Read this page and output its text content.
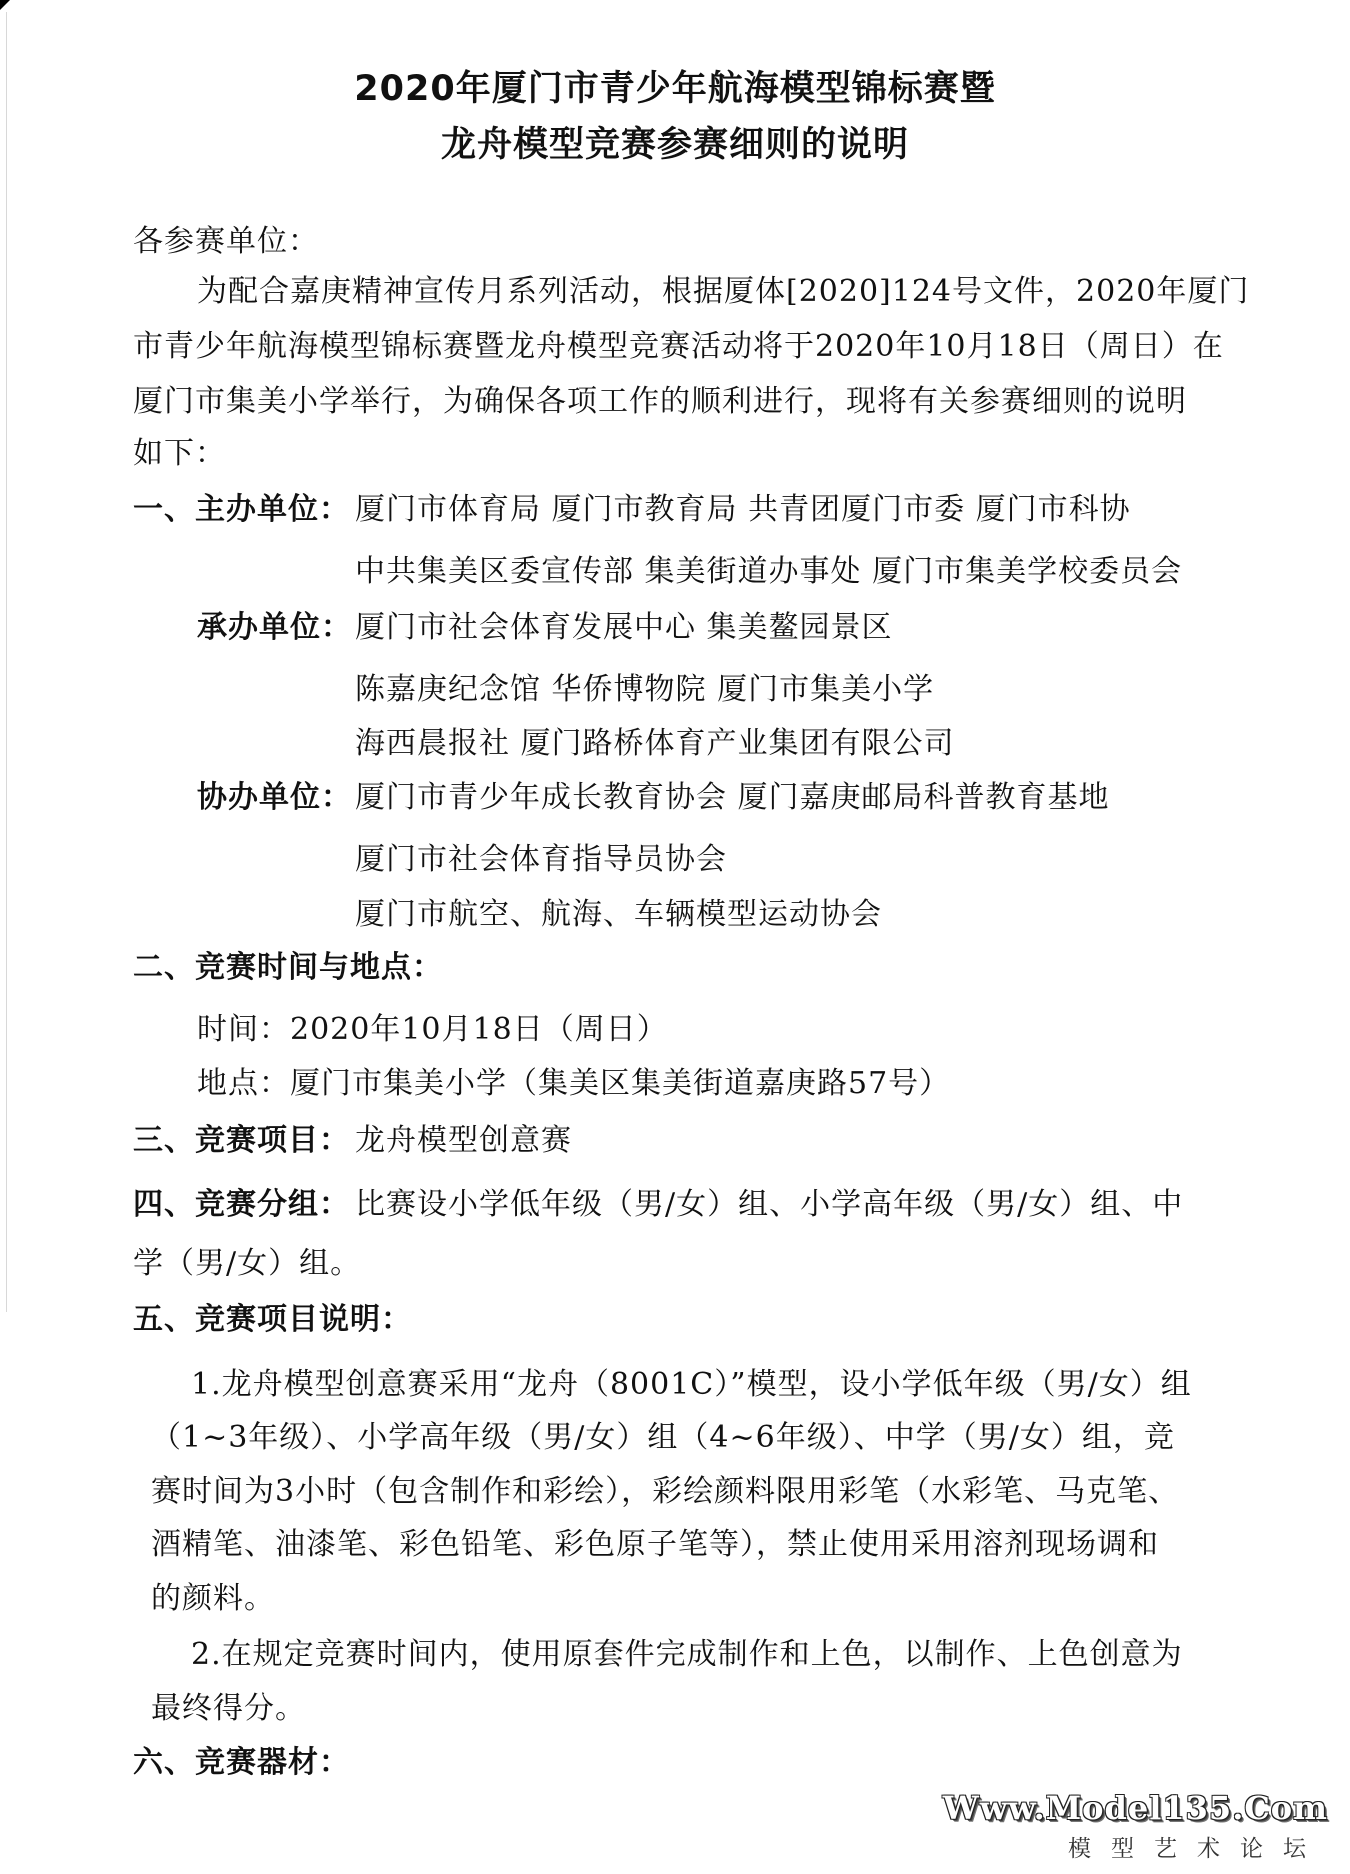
2020年厦门市青少年航海模型锦标赛暨
龙舟模型竞赛参赛细则的说明
各参赛单位：
为配合嘉庚精神宣传月系列活动，根据厦体[2020]124号文件，2020年厦门
市青少年航海模型锦标赛暨龙舟模型竞赛活动将于2020年10月18日（周日）在
厦门市集美小学举行，为确保各项工作的顺利进行，现将有关参赛细则的说明
如下：
一、主办单位： 厦门市体育局 厦门市教育局 共青团厦门市委 厦门市科协
中共集美区委宣传部 集美街道办事处 厦门市集美学校委员会
承办单位： 厦门市社会体育发展中心 集美鳌园景区
陈嘉庚纪念馆 华侨博物院 厦门市集美小学
海西晨报社 厦门路桥体育产业集团有限公司
协办单位： 厦门市青少年成长教育协会 厦门嘉庚邮局科普教育基地
厦门市社会体育指导员协会
厦门市航空、航海、车辆模型运动协会
二、竞赛时间与地点：
时间：2020年10月18日（周日）
地点：厦门市集美小学（集美区集美街道嘉庚路57号）
三、竞赛项目： 龙舟模型创意赛
四、竞赛分组： 比赛设小学低年级（男/女）组、小学高年级（男/女）组、中
学（男/女）组。
五、竞赛项目说明：
1.龙舟模型创意赛采用“龙舟（8001C）”模型，设小学低年级（男/女）组
（1~3年级）、小学高年级（男/女）组（4~6年级）、中学（男/女）组，竞
赛时间为3小时（包含制作和彩绘），彩绘颜料限用彩笔（水彩笔、马克笔、
酒精笔、油漆笔、彩色铅笔、彩色原子笔等），禁止使用采用溶剂现场调和
的颜料。
2.在规定竞赛时间内，使用原套件完成制作和上色，以制作、上色创意为
最终得分。
六、竞赛器材：
Www.Model135.Com
模型艺术论坛
